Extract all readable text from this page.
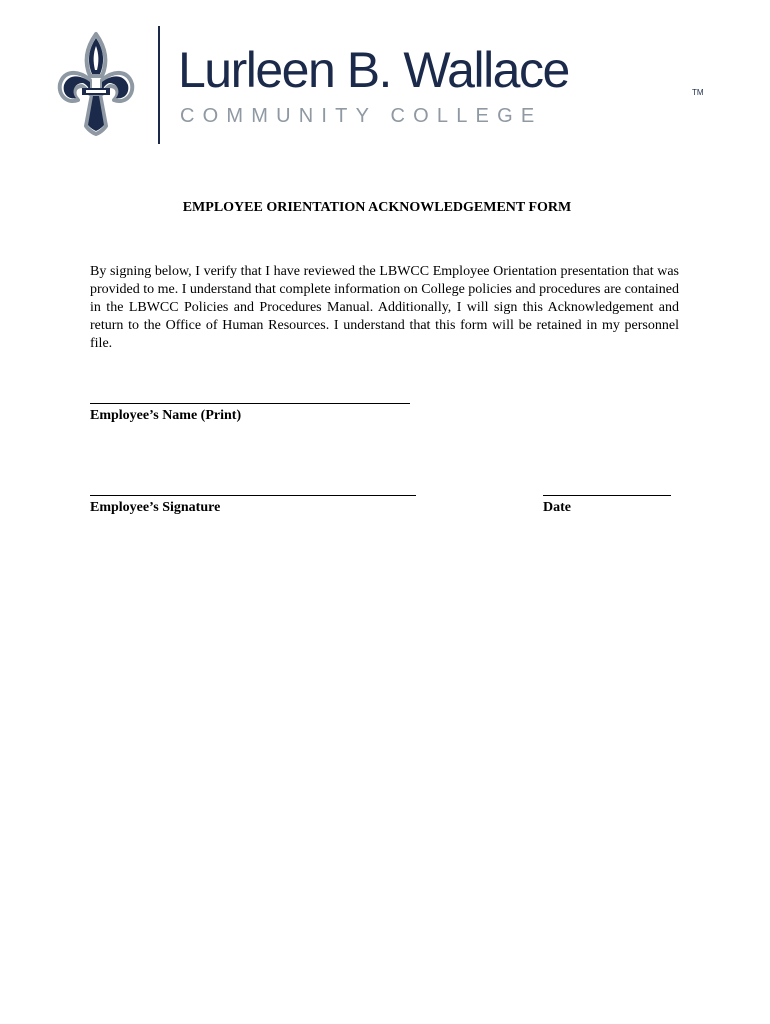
Lurleen B. Wallace	TM
COMMUNITY COLLEGE
EMPLOYEE ORIENTATION ACKNOWLEDGEMENT FORM

By signing below, I verify that I have reviewed the LBWCC Employee Orientation presentation that was provided to me. I understand that complete information on College policies and procedures are contained in the LBWCC Policies and Procedures Manual. Additionally, I will sign this Acknowledgement and return to the Office of Human Resources. I understand that this form will be retained in my personnel file.

Employee’s Name (Print)
Employee’s Signature	Date
